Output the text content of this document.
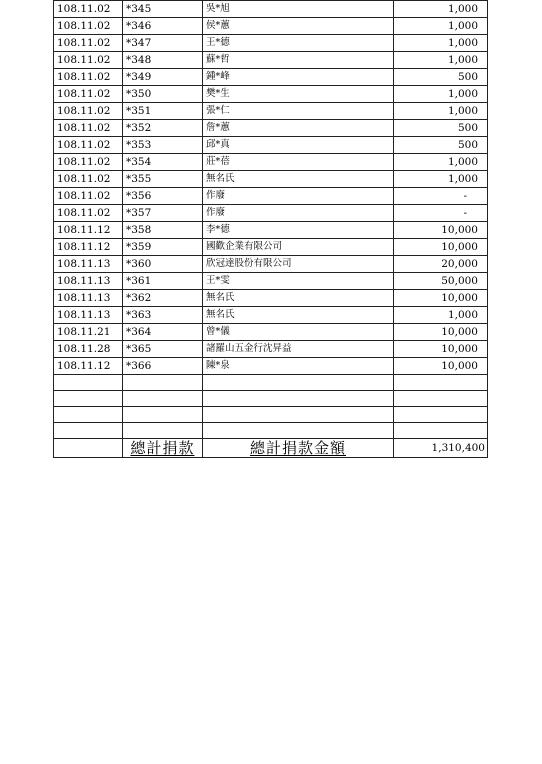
108.11.02	*345	吳*旭	1,000
108.11.02	*346	侯*蕙	1,000
108.11.02	*347	王*德	1,000
108.11.02	*348	蘇*哲	1,000
108.11.02	*349	鍾*峰	500
108.11.02	*350	樊*生	1,000
108.11.02	*351	張*仁	1,000
108.11.02	*352	詹*蕙	500
108.11.02	*353	邱*真	500
108.11.02	*354	莊*蓓	1,000
108.11.02	*355	無名氏	1,000
108.11.02	*356	作廢	-
108.11.02	*357	作廢	-
108.11.12	*358	李*德	10,000
108.11.12	*359	國歡企業有限公司	10,000
108.11.13	*360	欣冠達股份有限公司	20,000
108.11.13	*361	王*雯	50,000
108.11.13	*362	無名氏	10,000
108.11.13	*363	無名氏	1,000
108.11.21	*364	曾*儀	10,000
108.11.28	*365	諸羅山五金行沈昇益	10,000
108.11.12	*366	陳*泉	10,000

	總計捐款	總計捐款金額	1,310,400
